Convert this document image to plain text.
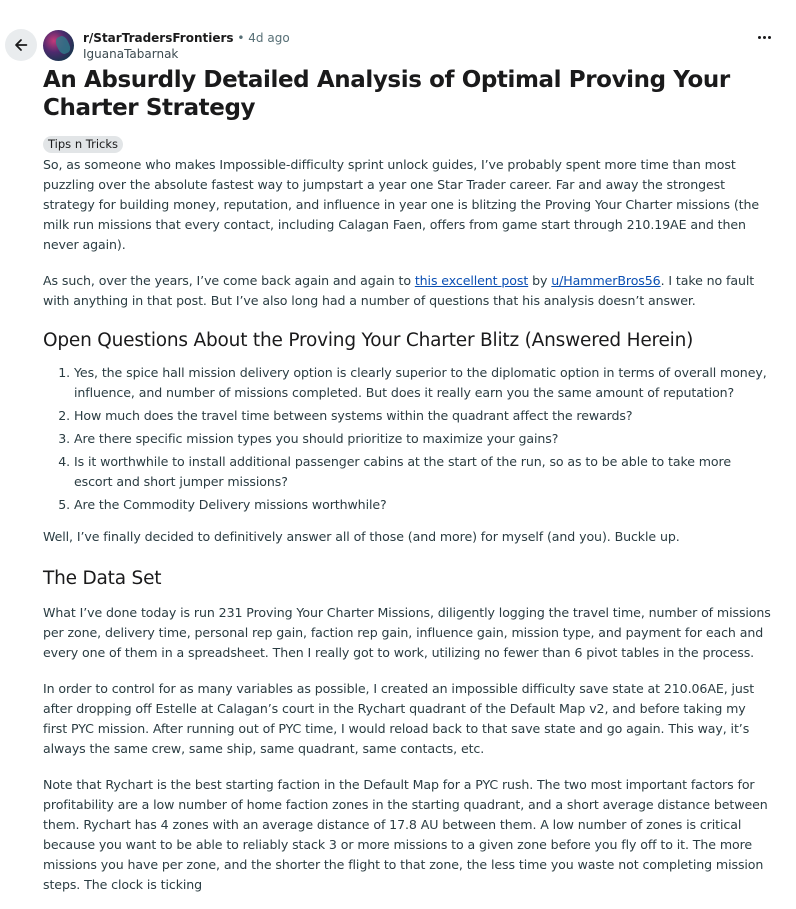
r/StarTradersFrontiers • 4d ago
IguanaTabarnak
An Absurdly Detailed Analysis of Optimal Proving Your Charter Strategy
Tips n Tricks

So, as someone who makes Impossible-difficulty sprint unlock guides, I’ve probably spent more time than most puzzling over the absolute fastest way to jumpstart a year one Star Trader career. Far and away the strongest strategy for building money, reputation, and influence in year one is blitzing the Proving Your Charter missions (the milk run missions that every contact, including Calagan Faen, offers from game start through 210.19AE and then never again).

As such, over the years, I’ve come back again and again to this excellent post by u/HammerBros56. I take no fault with anything in that post. But I’ve also long had a number of questions that his analysis doesn’t answer.

Open Questions About the Proving Your Charter Blitz (Answered Herein)
1. Yes, the spice hall mission delivery option is clearly superior to the diplomatic option in terms of overall money, influence, and number of missions completed. But does it really earn you the same amount of reputation?
2. How much does the travel time between systems within the quadrant affect the rewards?
3. Are there specific mission types you should prioritize to maximize your gains?
4. Is it worthwhile to install additional passenger cabins at the start of the run, so as to be able to take more escort and short jumper missions?
5. Are the Commodity Delivery missions worthwhile?

Well, I’ve finally decided to definitively answer all of those (and more) for myself (and you). Buckle up.

The Data Set

What I’ve done today is run 231 Proving Your Charter Missions, diligently logging the travel time, number of missions per zone, delivery time, personal rep gain, faction rep gain, influence gain, mission type, and payment for each and every one of them in a spreadsheet. Then I really got to work, utilizing no fewer than 6 pivot tables in the process.

In order to control for as many variables as possible, I created an impossible difficulty save state at 210.06AE, just after dropping off Estelle at Calagan’s court in the Rychart quadrant of the Default Map v2, and before taking my first PYC mission. After running out of PYC time, I would reload back to that save state and go again. This way, it’s always the same crew, same ship, same quadrant, same contacts, etc.

Note that Rychart is the best starting faction in the Default Map for a PYC rush. The two most important factors for profitability are a low number of home faction zones in the starting quadrant, and a short average distance between them. Rychart has 4 zones with an average distance of 17.8 AU between them. A low number of zones is critical because you want to be able to reliably stack 3 or more missions to a given zone before you fly off to it. The more missions you have per zone, and the shorter the flight to that zone, the less time you waste not completing mission steps. The clock is ticking
